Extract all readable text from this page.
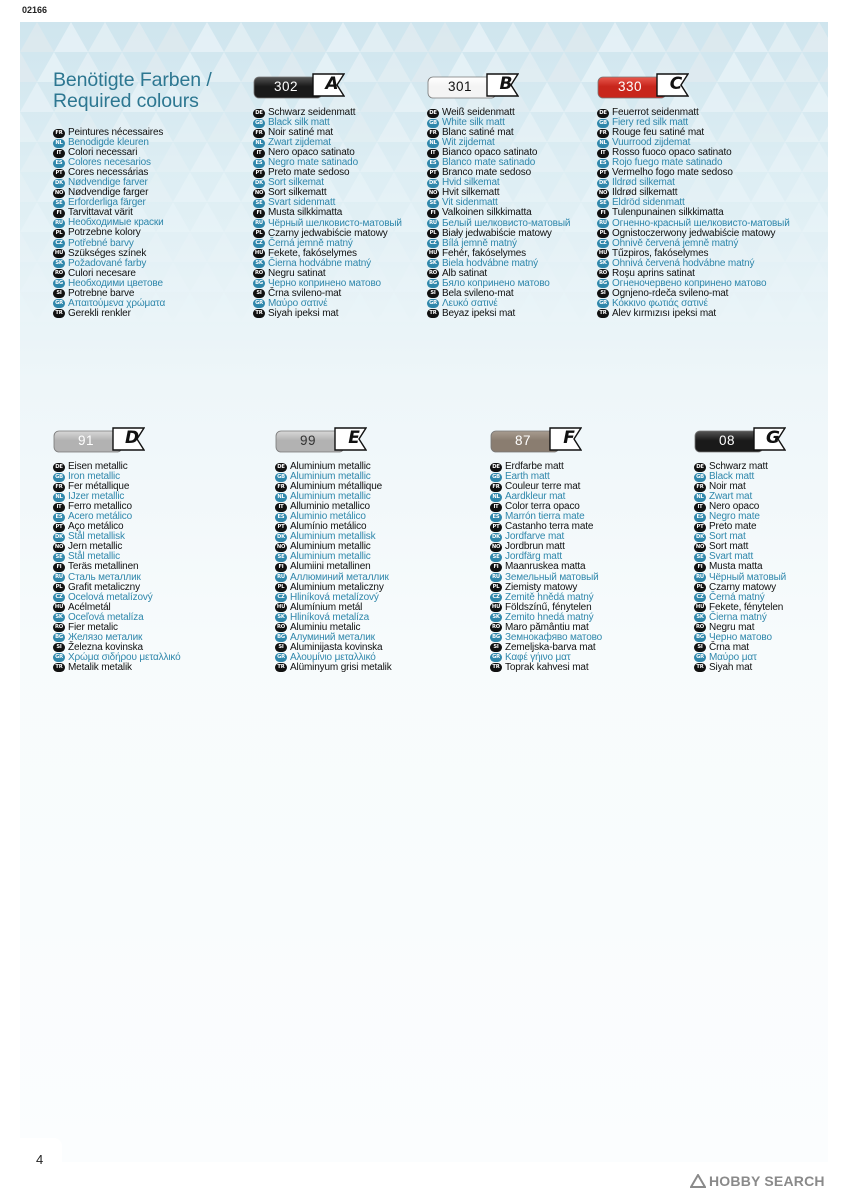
02166
Benötigte Farben /
Required colours
FR Peintures nécessaires
NL Benodigde kleuren
IT Colori necessari
ES Colores necesarios
PT Cores necessárias
DK Nødvendige farver
NO Nødvendige farger
SE Erforderliga färger
FI Tarvittavat värit
RU Необходимые краски
PL Potrzebne kolory
CZ Potřebné barvy
HU Szükséges színek
SK Požadované farby
RO Culori necesare
BG Необходими цветове
SI Potrebne barve
GR Απαιτούμενα χρώματα
TR Gerekli renkler
302	A
DE Schwarz seidenmatt
GB Black silk matt
FR Noir satiné mat
NL Zwart zijdemat
IT Nero opaco satinato
ES Negro mate satinado
PT Preto mate sedoso
DK Sort silkemat
NO Sort silkematt
SE Svart sidenmatt
FI Musta silkkimatta
RU Чёрный шелковисто-матовый
PL Czarny jedwabiście matowy
CZ Černá jemně matný
HU Fekete, fakóselymes
SK Čierna hodvábne matný
RO Negru satinat
BG Черно копринено матово
SI Črna svileno-mat
GR Μαύρο σατινέ
TR Siyah ipeksi mat
301	B
DE Weiß seidenmatt
GB White silk matt
FR Blanc satiné mat
NL Wit zijdemat
IT Bianco opaco satinato
ES Blanco mate satinado
PT Branco mate sedoso
DK Hvid silkemat
NO Hvit silkematt
SE Vit sidenmatt
FI Valkoinen silkkimatta
RU Белый шелковисто-матовый
PL Biały jedwabiście matowy
CZ Bílá jemně matný
HU Fehér, fakóselymes
SK Biela hodvábne matný
RO Alb satinat
BG Бяло копринено матово
SI Bela svileno-mat
GR Λευκό σατινέ
TR Beyaz ipeksi mat
330	C
DE Feuerrot seidenmatt
GB Fiery red silk matt
FR Rouge feu satiné mat
NL Vuurrood zijdemat
IT Rosso fuoco opaco satinato
ES Rojo fuego mate satinado
PT Vermelho fogo mate sedoso
DK Ildrød silkemat
NO Ildrød silkematt
SE Eldröd sidenmatt
FI Tulenpunainen silkkimatta
RU Огненно-красный шелковисто-матовый
PL Ognistoczerwony jedwabiście matowy
CZ Ohnivě červená jemně matný
HU Tűzpiros, fakóselymes
SK Ohnivá červená hodvábne matný
RO Roşu aprins satinat
BG Огненочервено копринено матово
SI Ognjeno-rdeča svileno-mat
GR Κόκκινο φωτιάς σατινέ
TR Alev kırmızısı ipeksi mat
91	D
DE Eisen metallic
GB Iron metallic
FR Fer métallique
NL IJzer metallic
IT Ferro metallico
ES Acero metálico
PT Aço metálico
DK Stål metallisk
NO Jern metallic
SE Stål metallic
FI Teräs metallinen
RU Сталь металлик
PL Grafit metaliczny
CZ Ocelová metalízový
HU Acélmetál
SK Oceľová metalíza
RO Fier metalic
BG Желязо металик
SI Železna kovinska
GR Χρώμα σιδήρου μεταλλικό
TR Metalik metalik
99	E
DE Aluminium metallic
GB Aluminium metallic
FR Aluminium métallique
NL Aluminium metallic
IT Alluminio metallico
ES Aluminio metálico
PT Alumínio metálico
DK Aluminium metallisk
NO Aluminium metallic
SE Aluminium metallic
FI Alumiini metallinen
RU Аллюминий металлик
PL Aluminium metaliczny
CZ Hliníková metalízový
HU Alumínium metál
SK Hliníková metalíza
RO Aluminiu metalic
BG Алуминий металик
SI Aluminijasta kovinska
GR Αλουμίνιο μεταλλικό
TR Alüminyum grisi metalik
87	F
DE Erdfarbe matt
GB Earth matt
FR Couleur terre mat
NL Aardkleur mat
IT Color terra opaco
ES Marrón tierra mate
PT Castanho terra mate
DK Jordfarve mat
NO Jordbrun matt
SE Jordfärg matt
FI Maanruskea matta
RU Земельный матовый
PL Ziemisty matowy
CZ Zemitě hnědá matný
HU Földszínű, fénytelen
SK Zemito hnedá matný
RO Maro pământiu mat
BG Земнокафяво матово
SI Zemeljska-barva mat
GR Καφέ γήινο ματ
TR Toprak kahvesi mat
08	G
DE Schwarz matt
GB Black matt
FR Noir mat
NL Zwart mat
IT Nero opaco
ES Negro mate
PT Preto mate
DK Sort mat
NO Sort matt
SE Svart matt
FI Musta matta
RU Чёрный матовый
PL Czarny matowy
CZ Černá matný
HU Fekete, fénytelen
SK Čierna matný
RO Negru mat
BG Черно матово
SI Črna mat
GR Μαύρο ματ
TR Siyah mat
4
HOBBY SEARCH
